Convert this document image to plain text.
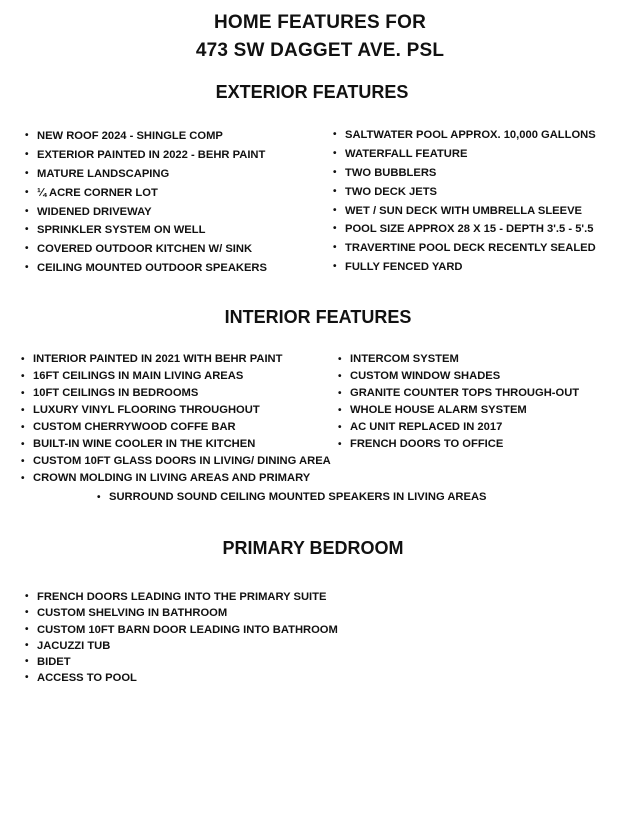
HOME FEATURES FOR
473 SW DAGGET AVE. PSL
EXTERIOR FEATURES
• NEW ROOF 2024 - SHINGLE COMP
• EXTERIOR PAINTED IN 2022 - BEHR PAINT
• MATURE LANDSCAPING
• ¼ ACRE CORNER LOT
• WIDENED DRIVEWAY
• SPRINKLER SYSTEM ON WELL
• COVERED OUTDOOR KITCHEN W/ SINK
• CEILING MOUNTED OUTDOOR SPEAKERS
• SALTWATER POOL APPROX. 10,000 GALLONS
• WATERFALL FEATURE
• TWO BUBBLERS
• TWO DECK JETS
• WET / SUN DECK WITH UMBRELLA SLEEVE
• POOL SIZE APPROX 28 X 15 - DEPTH 3'.5 - 5'.5
• TRAVERTINE POOL DECK RECENTLY SEALED
• FULLY FENCED YARD
INTERIOR FEATURES
• INTERIOR PAINTED IN 2021 WITH BEHR PAINT
• 16FT CEILINGS IN MAIN LIVING AREAS
• 10FT CEILINGS IN BEDROOMS
• LUXURY VINYL FLOORING THROUGHOUT
• CUSTOM CHERRYWOOD COFFE BAR
• BUILT-IN WINE COOLER IN THE KITCHEN
• CUSTOM 10FT GLASS DOORS IN LIVING/ DINING AREA
• CROWN MOLDING IN LIVING AREAS AND PRIMARY
• INTERCOM SYSTEM
• CUSTOM WINDOW SHADES
• GRANITE COUNTER TOPS THROUGH-OUT
• WHOLE HOUSE ALARM SYSTEM
• AC UNIT REPLACED IN 2017
• FRENCH DOORS TO OFFICE
• SURROUND SOUND CEILING MOUNTED SPEAKERS IN LIVING AREAS
PRIMARY BEDROOM
• FRENCH DOORS LEADING INTO THE PRIMARY SUITE
• CUSTOM SHELVING IN BATHROOM
• CUSTOM 10FT BARN DOOR LEADING INTO BATHROOM
• JACUZZI TUB
• BIDET
• ACCESS TO POOL
